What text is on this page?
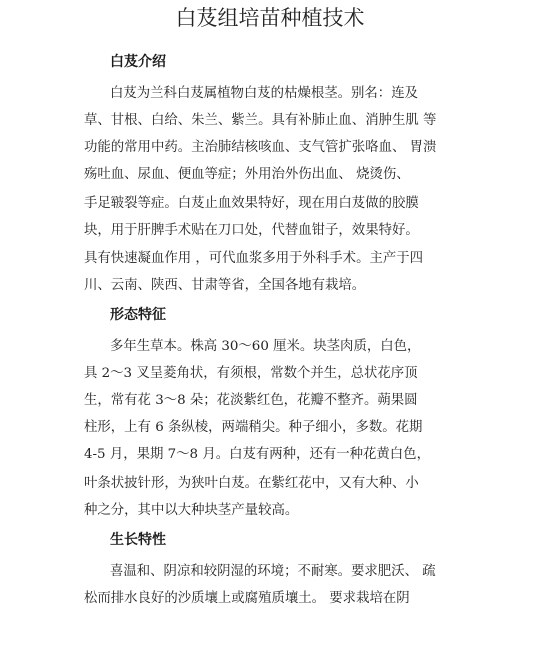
白芨组培苗种植技术
白芨介绍
白芨为兰科白芨属植物白芨的枯燥根茎。别名：连及
草、甘根、白给、朱兰、紫兰。具有补肺止血、消肿生肌 等
功能的常用中药。主治肺结核咳血、支气管扩张咯血、 胃溃
殇吐血、尿血、便血等症；外用治外伤出血、 烧烫伤、
手足皲裂等症。白芨止血效果特好，现在用白芨做的胶膜
块，用于肝脾手术贴在刀口处，代替血钳子，效果特好。
具有快速凝血作用 ，可代血浆多用于外科手术。主产于四
川、云南、陕西、甘肃等省，全国各地有栽培。
形态特征
多年生草本。株高 30～60 厘米。块茎肉质，白色，
具 2～3 叉呈菱角状，有须根，常数个并生，总状花序顶
生，常有花 3～8 朵；花淡紫红色，花瓣不整齐。蒴果圆
柱形，上有 6 条纵棱，两端稍尖。种子细小，多数。花期
4-5 月，果期 7～8 月。白芨有两种，还有一种花黄白色，
叶条状披针形，为狭叶白芨。在紫红花中，又有大种、小
种之分，其中以大种块茎产量较高。
生长特性
喜温和、阴凉和较阴湿的环境；不耐寒。要求肥沃、 疏
松而排水良好的沙质壤上或腐殖质壤土。 要求栽培在阴
